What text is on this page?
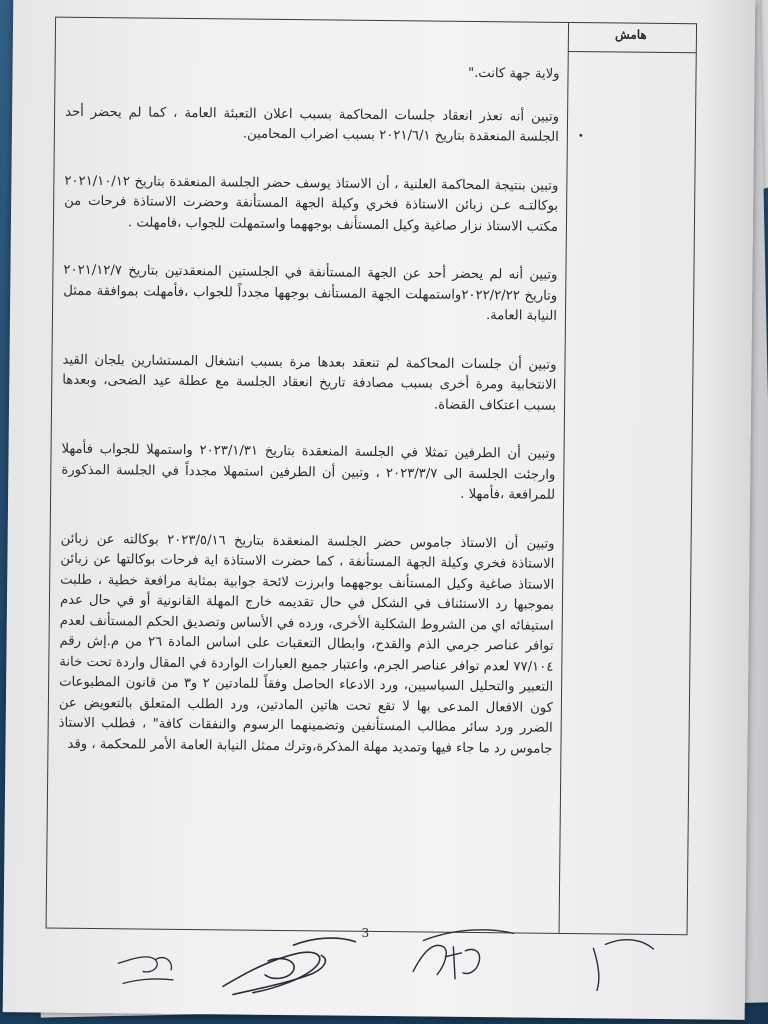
هامش
•

ولاية جهة كانت."

وتبين أنه تعذر انعقاد جلسات المحاكمة بسبب اعلان التعبئة العامة ، كما لم يحضر أحد الجلسة المنعقدة بتاريخ ٢٠٢١/٦/١ بسبب اضراب المحامين.

وتبين بنتيجة المحاكمة العلنية ، أن الاستاذ يوسف حضر الجلسة المنعقدة بتاريخ ٢٠٢١/١٠/١٢ بوكالتـه عـن زبائن الاستاذة فخري وكيلة الجهة المستأنفة وحضرت الاستاذة فرحات من مكتب الاستاذ نزار صاغية وكيل المستأنف بوجههما واستمهلت للجواب ،فامهلت .

وتبين أنه لم يحضر أحد عن الجهة المستأنفة في الجلستين المنعقدتين بتاريخ ٢٠٢١/١٢/٧ وتاريخ ٢٠٢٢/٢/٢٢واستمهلت الجهة المستأنف بوجهها مجدداً للجواب ،فأمهلت بموافقة ممثل النيابة العامة.

وتبين أن جلسات المحاكمة لم تنعقد بعدها مرة بسبب انشغال المستشارين بلجان القيد الانتخابية ومرة أخرى بسبب مصادفة تاريخ انعقاد الجلسة مع عطلة عيد الضحى، وبعدها بسبب اعتكاف القضاة.

وتبين أن الطرفين تمثلا في الجلسة المنعقدة بتاريخ ٢٠٢٣/١/٣١ واستمهلا للجواب فأمهلا وارجئت الجلسة الى ٢٠٢٣/٣/٧ ، وتبين أن الطرفين استمهلا مجدداً في الجلسة المذكورة للمرافعة ،فأمهلا .

وتبين أن الاستاذ جاموس حضر الجلسة المنعقدة بتاريخ ٢٠٢٣/٥/١٦ بوكالته عن زبائن الاستاذة فخري وكيلة الجهة المستأنفة ، كما حضرت الاستاذة اية فرحات بوكالتها عن زبائن الاستاذ صاغية وكيل المستأنف بوجههما وابرزت لائحة جوابية بمثابة مرافعة خطية ، طلبت بموجبها رد الاستئناف في الشكل في حال تقديمه خارج المهلة القانونية أو في حال عدم استيفائه اي من الشروط الشكلية الأخرى، ورده في الأساس وتصديق الحكم المستأنف لعدم توافر عناصر جرمي الذم والقدح، وابطال التعقبات على اساس المادة ٢٦ من م.إش رقم ٧٧/١٠٤ لعدم توافر عناصر الجرم، واعتبار جميع العبارات الواردة في المقال واردة تحت خانة التعبير والتحليل السياسيين، ورد الادعاء الحاصل وفقاً للمادتين ٢ و٣ من قانون المطبوعات كون الافعال المدعى بها لا تقع تحت هاتين المادتين، ورد الطلب المتعلق بالتعويض عن الضرر ورد سائر مطالب المستأنفين وتضمينهما الرسوم والنفقات كافة" ، فطلب الاستاذ جاموس رد ما جاء فيها وتمديد مهلة المذكرة،وترك ممثل النيابة العامة الأمر للمحكمة ، وقد

3
